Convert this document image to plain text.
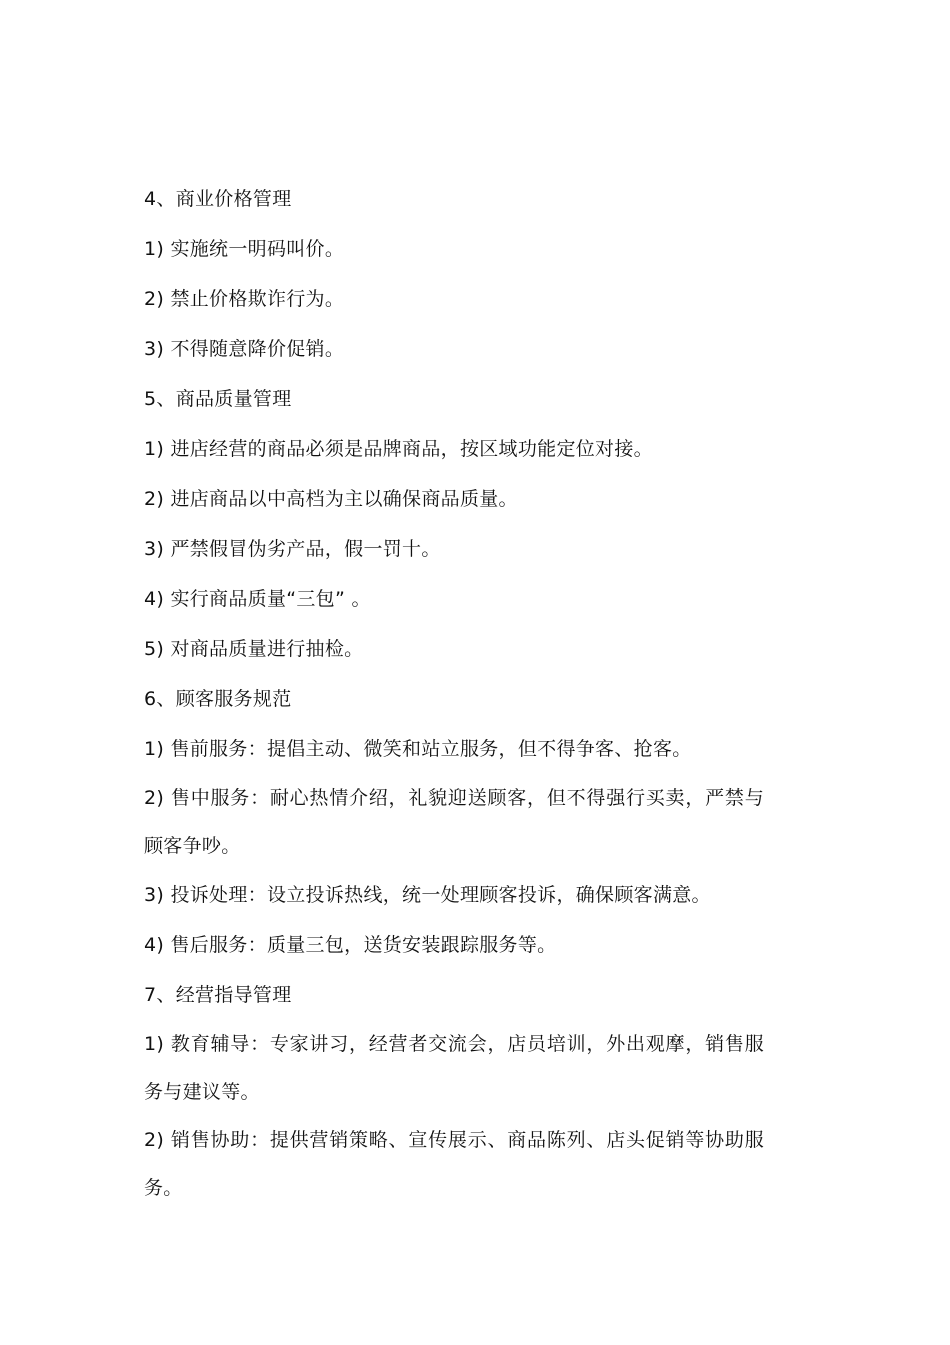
4、商业价格管理
1) 实施统一明码叫价。
2) 禁止价格欺诈行为。
3) 不得随意降价促销。
5、商品质量管理
1) 进店经营的商品必须是品牌商品，按区域功能定位对接。
2) 进店商品以中高档为主以确保商品质量。
3) 严禁假冒伪劣产品，假一罚十。
4) 实行商品质量“三包” 。
5) 对商品质量进行抽检。
6、顾客服务规范
1) 售前服务：提倡主动、微笑和站立服务，但不得争客、抢客。

2) 售中服务：耐心热情介绍，礼貌迎送顾客，但不得强行买卖，严禁与顾客争吵。

3) 投诉处理：设立投诉热线，统一处理顾客投诉，确保顾客满意。
4) 售后服务：质量三包，送货安装跟踪服务等。
7、经营指导管理

1) 教育辅导：专家讲习，经营者交流会，店员培训，外出观摩，销售服务与建议等。

2) 销售协助：提供营销策略、宣传展示、商品陈列、店头促销等协助服务。
